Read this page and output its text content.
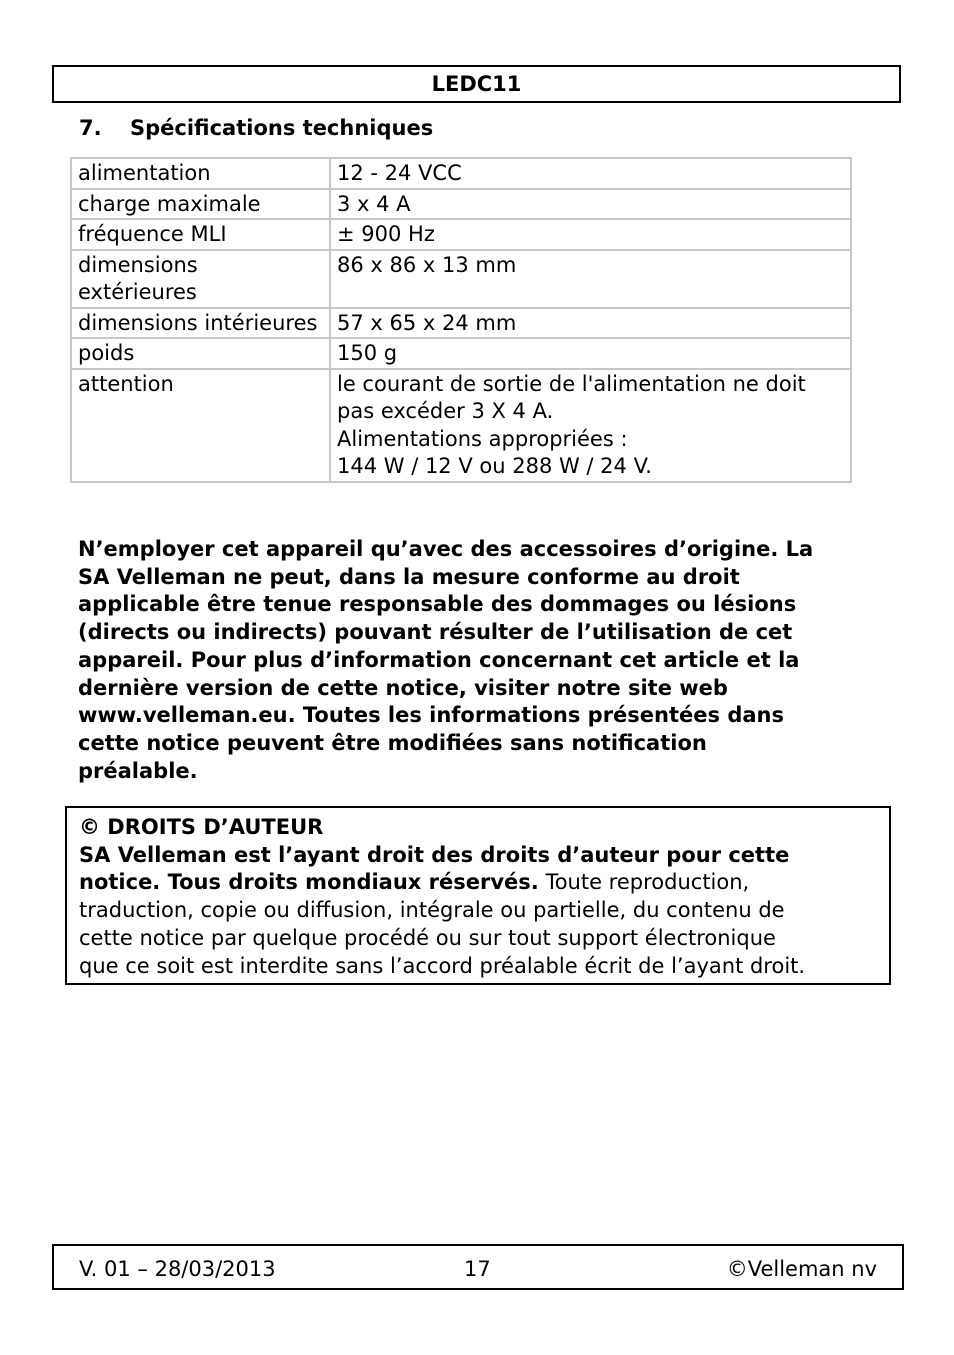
LEDC11
7.	Spécifications techniques
alimentation	12 - 24 VCC
charge maximale	3 x 4 A
fréquence MLI	± 900 Hz
dimensions extérieures	86 x 86 x 13 mm
dimensions intérieures	57 x 65 x 24 mm
poids	150 g
attention	le courant de sortie de l'alimentation ne doit pas excéder 3 X 4 A.
Alimentations appropriées :
144 W / 12 V ou 288 W / 24 V.
N’employer cet appareil qu’avec des accessoires d’origine. La
SA Velleman ne peut, dans la mesure conforme au droit
applicable être tenue responsable des dommages ou lésions
(directs ou indirects) pouvant résulter de l’utilisation de cet
appareil. Pour plus d’information concernant cet article et la
dernière version de cette notice, visiter notre site web
www.velleman.eu. Toutes les informations présentées dans
cette notice peuvent être modifiées sans notification
préalable.
© DROITS D’AUTEUR
SA Velleman est l’ayant droit des droits d’auteur pour cette
notice. Tous droits mondiaux réservés. Toute reproduction,
traduction, copie ou diffusion, intégrale ou partielle, du contenu de
cette notice par quelque procédé ou sur tout support électronique
que ce soit est interdite sans l’accord préalable écrit de l’ayant droit.
V. 01 – 28/03/2013	17	©Velleman nv
